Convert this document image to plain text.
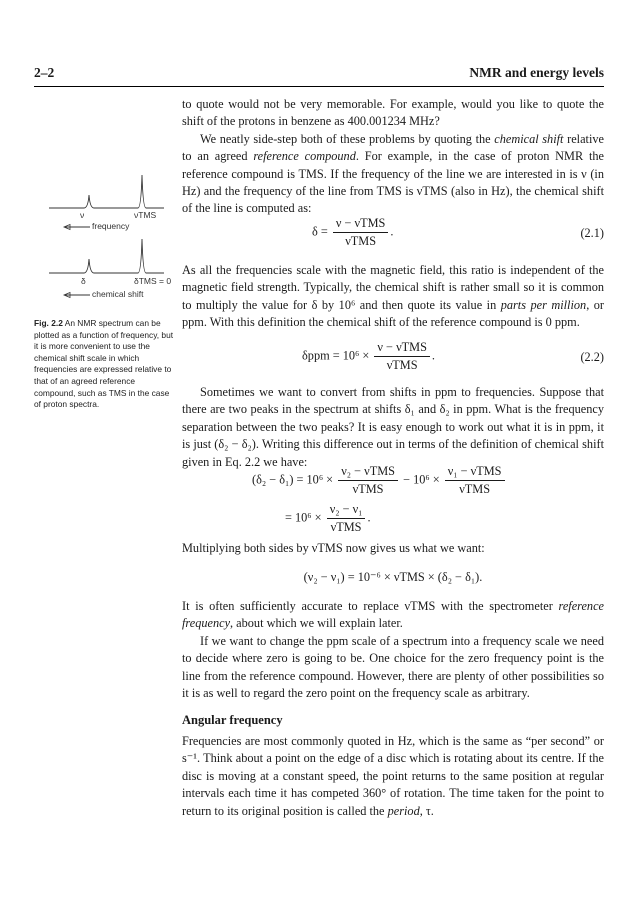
2–2	NMR and energy levels
ν	νTMS
frequency
δ	δTMS = 0
chemical shift
Fig. 2.2 An NMR spectrum can be plotted as a function of frequency, but it is more convenient to use the chemical shift scale in which frequencies are expressed relative to that of an agreed reference compound, such as TMS in the case of proton spectra.

to quote would not be very memorable. For example, would you like to quote the shift of the protons in benzene as 400.001234 MHz?

We neatly side-step both of these problems by quoting the chemical shift relative to an agreed reference compound. For example, in the case of proton NMR the reference compound is TMS. If the frequency of the line we are interested in is ν (in Hz) and the frequency of the line from TMS is νTMS (also in Hz), the chemical shift of the line is computed as:

$\delta = \frac{\text{ν − νTMS}}{\text{νTMS}}$ .	(2.1)

As all the frequencies scale with the magnetic field, this ratio is independent of the magnetic field strength. Typically, the chemical shift is rather small so it is common to multiply the value for δ by 10⁶ and then quote its value in parts per million, or ppm. With this definition the chemical shift of the reference compound is 0 ppm.

$\delta ppm = 10^6 \times \frac{\text{ν − νTMS}}{\text{νTMS}}$ .	(2.2)

Sometimes we want to convert from shifts in ppm to frequencies. Suppose that there are two peaks in the spectrum at shifts δ₁ and δ₂ in ppm. What is the frequency separation between the two peaks? It is easy enough to work out what it is in ppm, it is just (δ₂ − δ₂). Writing this difference out in terms of the definition of chemical shift given in Eq. 2.2 we have:

$(\delta_2 - \delta_1) = 10^6 \times \frac{\text{ν₂ − νTMS}}{\text{νTMS}} - 10^6 \times \frac{\text{ν₁ − νTMS}}{\text{νTMS}}$
= $10^6 \times \frac{\text{ν₂ − ν₁}}{\text{νTMS}}$ .

Multiplying both sides by νTMS now gives us what we want:

(ν₂ − ν₁) = 10⁻⁶ × νTMS × (δ₂ − δ₁).

It is often sufficiently accurate to replace νTMS with the spectrometer reference frequency, about which we will explain later.

If we want to change the ppm scale of a spectrum into a frequency scale we need to decide where zero is going to be. One choice for the zero frequency point is the line from the reference compound. However, there are plenty of other possibilities so it is as well to regard the zero point on the frequency scale as arbitrary.

Angular frequency

Frequencies are most commonly quoted in Hz, which is the same as “per second” or s⁻¹. Think about a point on the edge of a disc which is rotating about its centre. If the disc is moving at a constant speed, the point returns to the same position at regular intervals each time it has competed 360° of rotation. The time taken for the point to return to its original position is called the period, τ.
